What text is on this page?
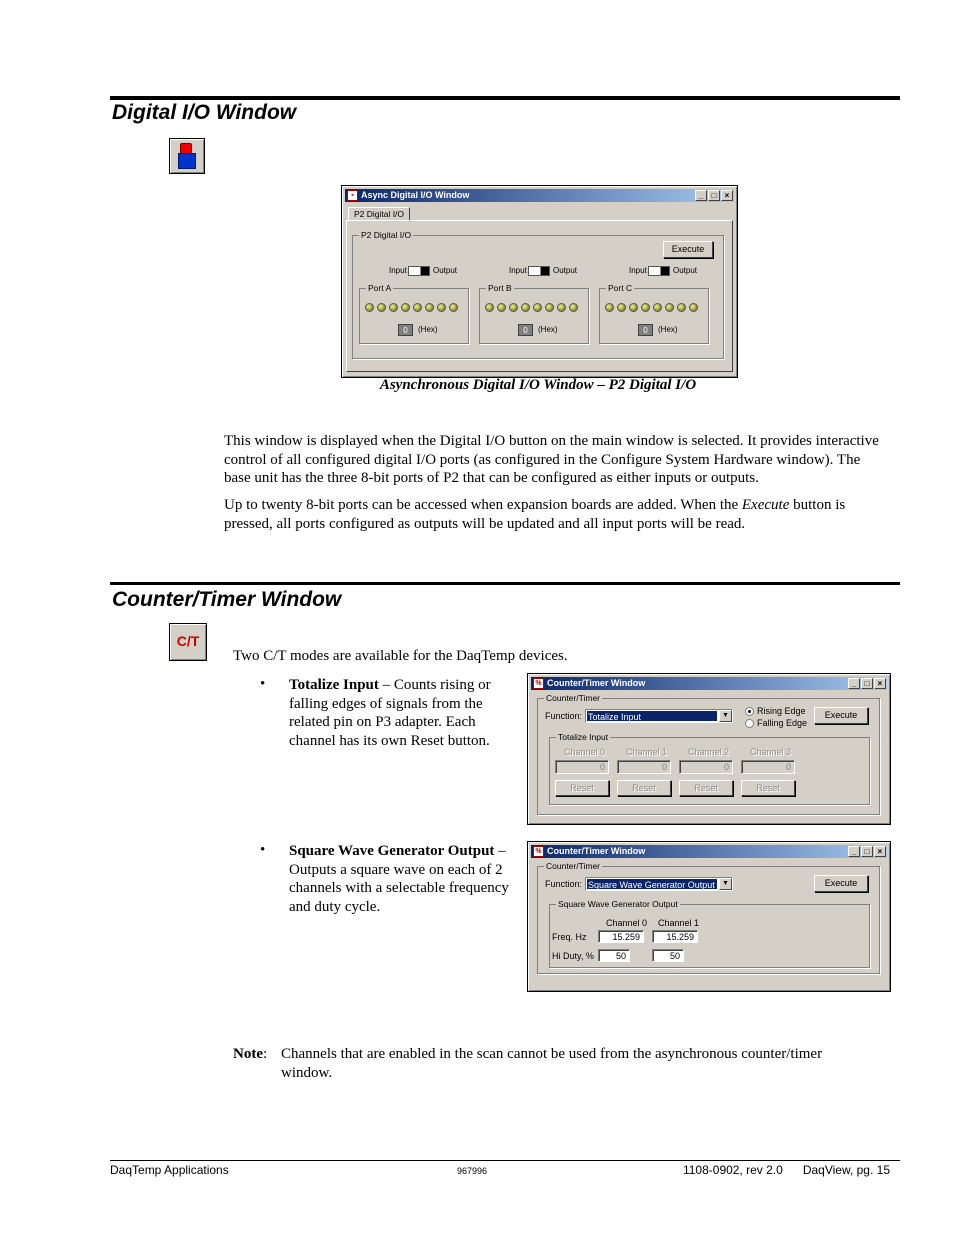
Digital I/O Window
▪ Async Digital I/O Window	_	□	×
P2 Digital I/O
P2 Digital I/O
Execute
Input	Output
Port A
0	(Hex)
Input	Output
Port B
0	(Hex)
Input	Output
Port C
0	(Hex)
Asynchronous Digital I/O Window – P2 Digital I/O

This window is displayed when the Digital I/O button on the main window is selected. It provides interactive control of all configured digital I/O ports (as configured in the Configure System Hardware window). The base unit has the three 8-bit ports of P2 that can be configured as either inputs or outputs.

Up to twenty 8-bit ports can be accessed when expansion boards are added. When the Execute button is pressed, all ports configured as outputs will be updated and all input ports will be read.

Counter/Timer Window
C/T

Two C/T modes are available for the DaqTemp devices.

• Totalize Input – Counts rising or falling edges of signals from the related pin on P3 adapter. Each channel has its own Reset button.

% Counter/Timer Window	_	□	×
Counter/Timer
Function: Totalize Input	▼	Rising Edge
Falling Edge
Execute
Totalize Input
Channel 0 Channel 1 Channel 2 Channel 3
0	0	0	0
Reset	Reset	Reset	Reset
• Square Wave Generator Output – Outputs a square wave on each of 2 channels with a selectable frequency and duty cycle.

% Counter/Timer Window	_	□	×
Counter/Timer
Function: Square Wave Generator Output	▼	Execute
Square Wave Generator Output
Channel 0 Channel 1
Freq. Hz	15.259	15.259
Hi Duty, %	50	50

Note: Channels that are enabled in the scan cannot be used from the asynchronous counter/timer window.

DaqTemp Applications	967996	1108-0902, rev 2.0      DaqView, pg. 15
